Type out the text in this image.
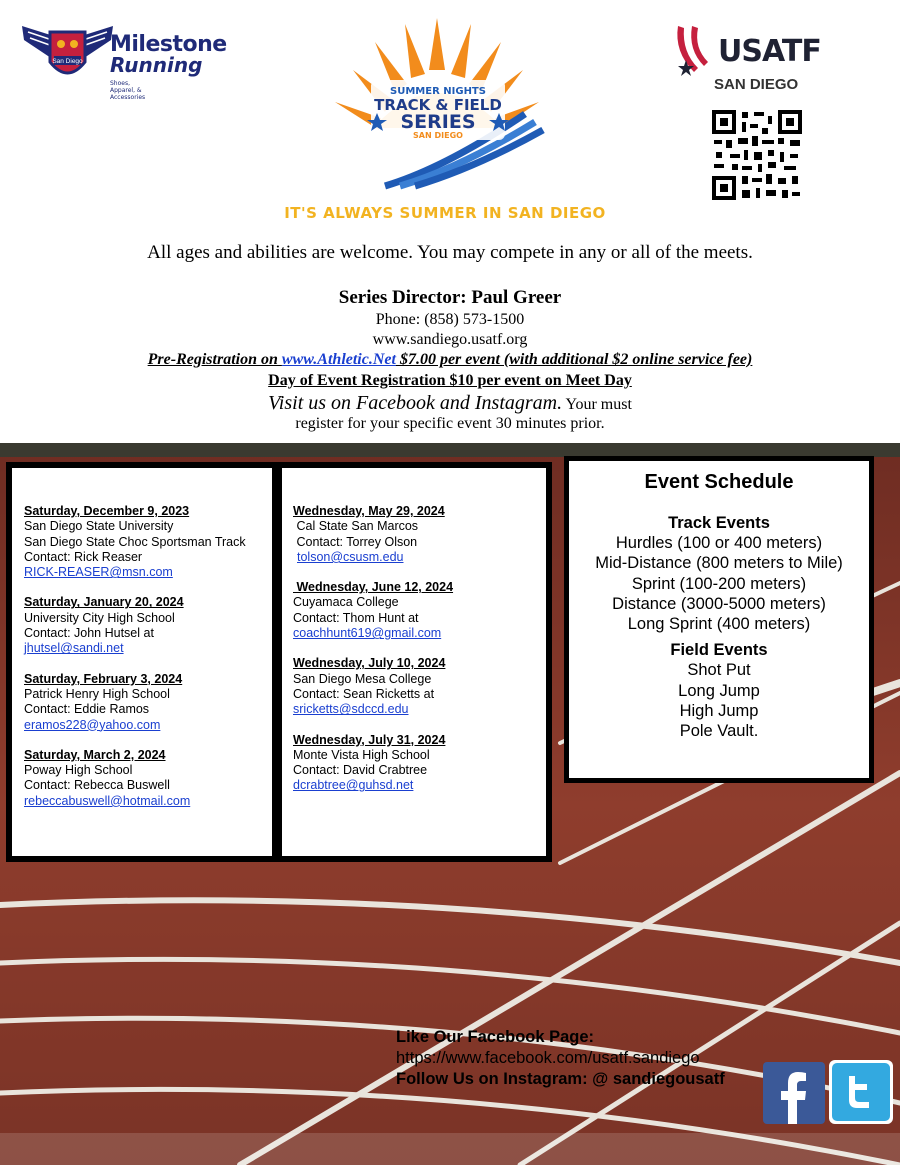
San Diego
Milestone
Running Shoes, Apparel, & Accessories
SUMMER NIGHTS
TRACK & FIELD
SERIES
SAN DIEGO
IT'S ALWAYS SUMMER IN SAN DIEGO
USATF
SAN DIEGO
All ages and abilities are welcome. You may compete in any or all of the meets.
Series Director: Paul Greer
Phone: (858) 573-1500
www.sandiego.usatf.org
Pre-Registration on www.Athletic.Net $7.00 per event (with additional $2 online service fee)
Day of Event Registration $10 per event on Meet Day
Visit us on Facebook and Instagram. Your must
register for your specific event 30 minutes prior.
Saturday, December 9, 2023
San Diego State University
San Diego State Choc Sportsman Track
Contact: Rick Reaser
RICK-REASER@msn.com
Saturday, January 20, 2024
University City High School
Contact: John Hutsel at
jhutsel@sandi.net
Saturday, February 3, 2024
Patrick Henry High School
Contact: Eddie Ramos
eramos228@yahoo.com
Saturday, March 2, 2024
Poway High School
Contact: Rebecca Buswell
rebeccabuswell@hotmail.com
Wednesday, May 29, 2024
Cal State San Marcos
Contact: Torrey Olson
tolson@csusm.edu
Wednesday, June 12, 2024
Cuyamaca College
Contact: Thom Hunt at
coachhunt619@gmail.com
Wednesday, July 10, 2024
San Diego Mesa College
Contact: Sean Ricketts at
sricketts@sdccd.edu
Wednesday, July 31, 2024
Monte Vista High School
Contact: David Crabtree
dcrabtree@guhsd.net
Event Schedule
Track Events
Hurdles (100 or 400 meters)
Mid-Distance (800 meters to Mile)
Sprint (100-200 meters)
Distance (3000-5000 meters)
Long Sprint (400 meters)
Field Events
Shot Put
Long Jump
High Jump
Pole Vault.
Like Our Facebook Page:
https://www.facebook.com/usatf.sandiego
Follow Us on Instagram: @ sandiegousatf
